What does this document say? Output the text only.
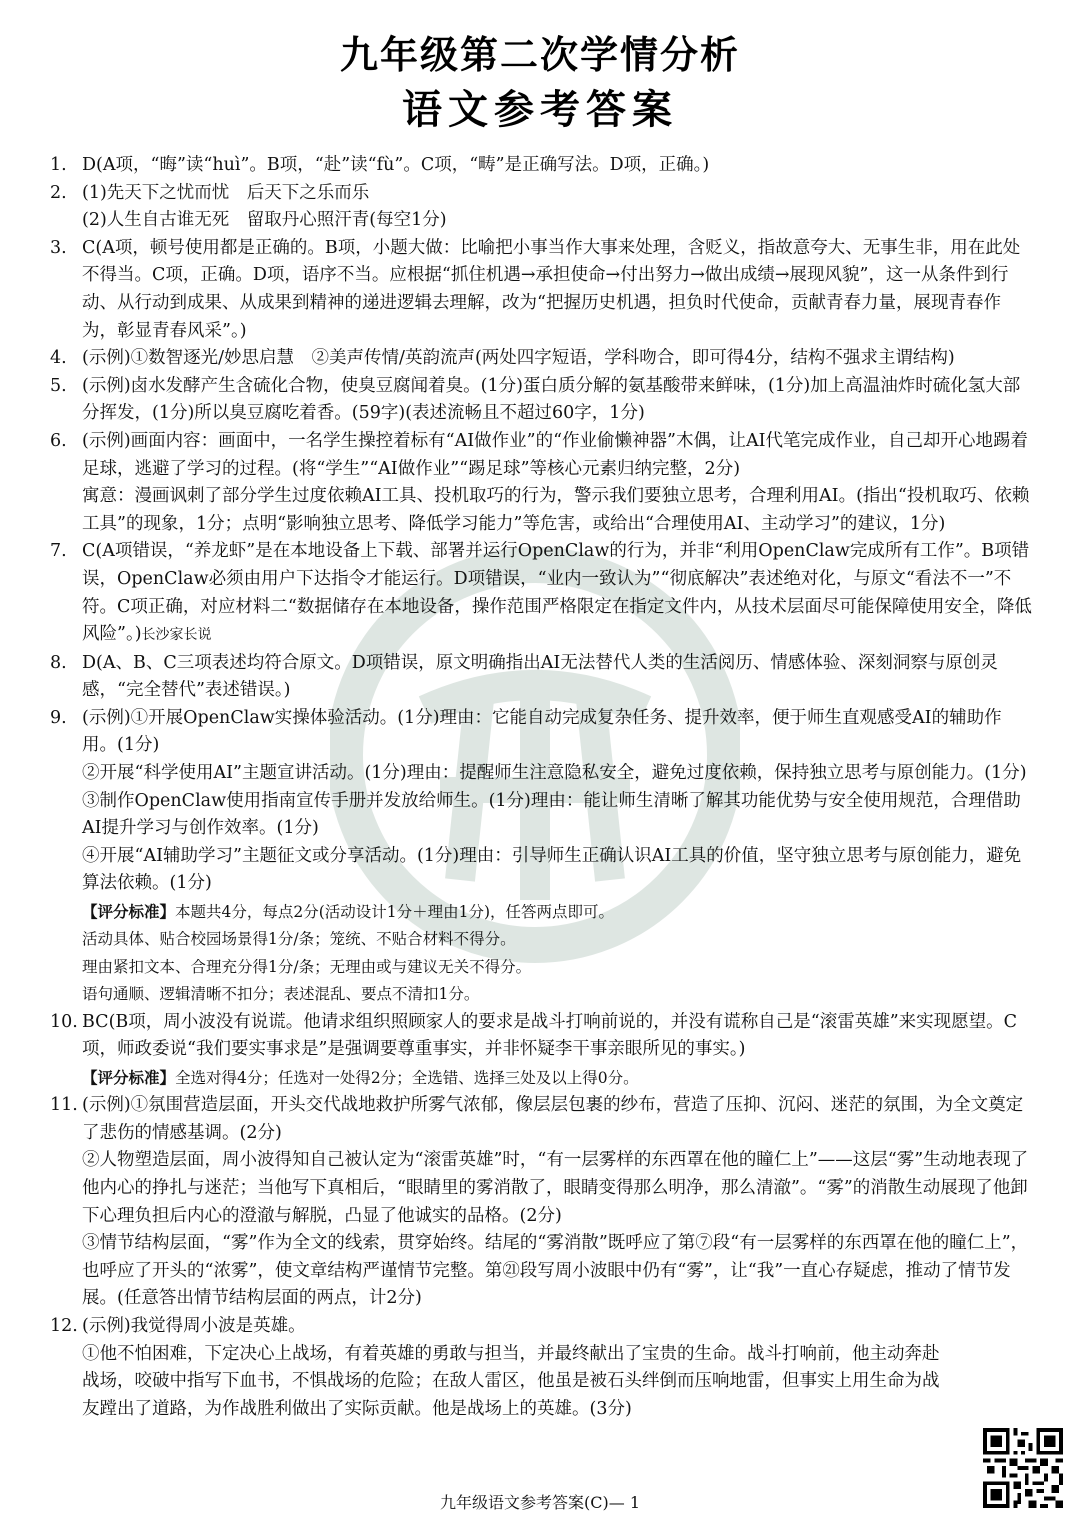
九年级第二次学情分析
语文参考答案
1. D(A项，“晦”读“huì”。B项，“赴”读“fù”。C项，“畴”是正确写法。D项，正确。)
2. (1)先天下之忧而忧　后天下之乐而乐
(2)人生自古谁无死　留取丹心照汗青(每空1分)
3. C(A项，顿号使用都是正确的。B项，小题大做：比喻把小事当作大事来处理，含贬义，指故意夸大、无事生非，用在此处不得当。C项，正确。D项，语序不当。应根据“抓住机遇→承担使命→付出努力→做出成绩→展现风貌”，这一从条件到行动、从行动到成果、从成果到精神的递进逻辑去理解，改为“把握历史机遇，担负时代使命，贡献青春力量，展现青春作为，彰显青春风采”。)
4. (示例)①数智逐光/妙思启慧　②美声传情/英韵流声(两处四字短语，学科吻合，即可得4分，结构不强求主谓结构)
5. (示例)卤水发酵产生含硫化合物，使臭豆腐闻着臭。(1分)蛋白质分解的氨基酸带来鲜味，(1分)加上高温油炸时硫化氢大部分挥发，(1分)所以臭豆腐吃着香。(59字)(表述流畅且不超过60字，1分)
6. (示例)画面内容：画面中，一名学生操控着标有“AI做作业”的“作业偷懒神器”木偶，让AI代笔完成作业，自己却开心地踢着足球，逃避了学习的过程。(将“学生”“AI做作业”“踢足球”等核心元素归纳完整，2分)
寓意：漫画讽刺了部分学生过度依赖AI工具、投机取巧的行为，警示我们要独立思考，合理利用AI。(指出“投机取巧、依赖工具”的现象，1分；点明“影响独立思考、降低学习能力”等危害，或给出“合理使用AI、主动学习”的建议，1分)
7. C(A项错误，“养龙虾”是在本地设备上下载、部署并运行OpenClaw的行为，并非“利用OpenClaw完成所有工作”。B项错误，OpenClaw必须由用户下达指令才能运行。D项错误，“业内一致认为”“彻底解决”表述绝对化，与原文“看法不一”不符。C项正确，对应材料二“数据储存在本地设备，操作范围严格限定在指定文件内，从技术层面尽可能保障使用安全，降低风险”。)长沙家长说
8. D(A、B、C三项表述均符合原文。D项错误，原文明确指出AI无法替代人类的生活阅历、情感体验、深刻洞察与原创灵感，“完全替代”表述错误。)
9. (示例)①开展OpenClaw实操体验活动。(1分)理由：它能自动完成复杂任务、提升效率，便于师生直观感受AI的辅助作用。(1分)
②开展“科学使用AI”主题宣讲活动。(1分)理由：提醒师生注意隐私安全，避免过度依赖，保持独立思考与原创能力。(1分)
③制作OpenClaw使用指南宣传手册并发放给师生。(1分)理由：能让师生清晰了解其功能优势与安全使用规范，合理借助AI提升学习与创作效率。(1分)
④开展“AI辅助学习”主题征文或分享活动。(1分)理由：引导师生正确认识AI工具的价值，坚守独立思考与原创能力，避免算法依赖。(1分)
【评分标准】本题共4分，每点2分(活动设计1分＋理由1分)，任答两点即可。
活动具体、贴合校园场景得1分/条；笼统、不贴合材料不得分。
理由紧扣文本、合理充分得1分/条；无理由或与建议无关不得分。
语句通顺、逻辑清晰不扣分；表述混乱、要点不清扣1分。
10. BC(B项，周小波没有说谎。他请求组织照顾家人的要求是战斗打响前说的，并没有谎称自己是“滚雷英雄”来实现愿望。C项，师政委说“我们要实事求是”是强调要尊重事实，并非怀疑李干事亲眼所见的事实。)
【评分标准】全选对得4分；任选对一处得2分；全选错、选择三处及以上得0分。
11. (示例)①氛围营造层面，开头交代战地救护所雾气浓郁，像层层包裹的纱布，营造了压抑、沉闷、迷茫的氛围，为全文奠定了悲伤的情感基调。(2分)
②人物塑造层面，周小波得知自己被认定为“滚雷英雄”时，“有一层雾样的东西罩在他的瞳仁上”——这层“雾”生动地表现了他内心的挣扎与迷茫；当他写下真相后，“眼睛里的雾消散了，眼睛变得那么明净，那么清澈”。“雾”的消散生动展现了他卸下心理负担后内心的澄澈与解脱，凸显了他诚实的品格。(2分)
③情节结构层面，“雾”作为全文的线索，贯穿始终。结尾的“雾消散”既呼应了第⑦段“有一层雾样的东西罩在他的瞳仁上”，也呼应了开头的“浓雾”，使文章结构严谨情节完整。第㉑段写周小波眼中仍有“雾”，让“我”一直心存疑虑，推动了情节发展。(任意答出情节结构层面的两点，计2分)
12. (示例)我觉得周小波是英雄。
①他不怕困难，下定决心上战场，有着英雄的勇敢与担当，并最终献出了宝贵的生命。战斗打响前，他主动奔赴战场，咬破中指写下血书，不惧战场的危险；在敌人雷区，他虽是被石头绊倒而压响地雷，但事实上用生命为战友蹚出了道路，为作战胜利做出了实际贡献。他是战场上的英雄。(3分)
九年级语文参考答案(C)— 1
